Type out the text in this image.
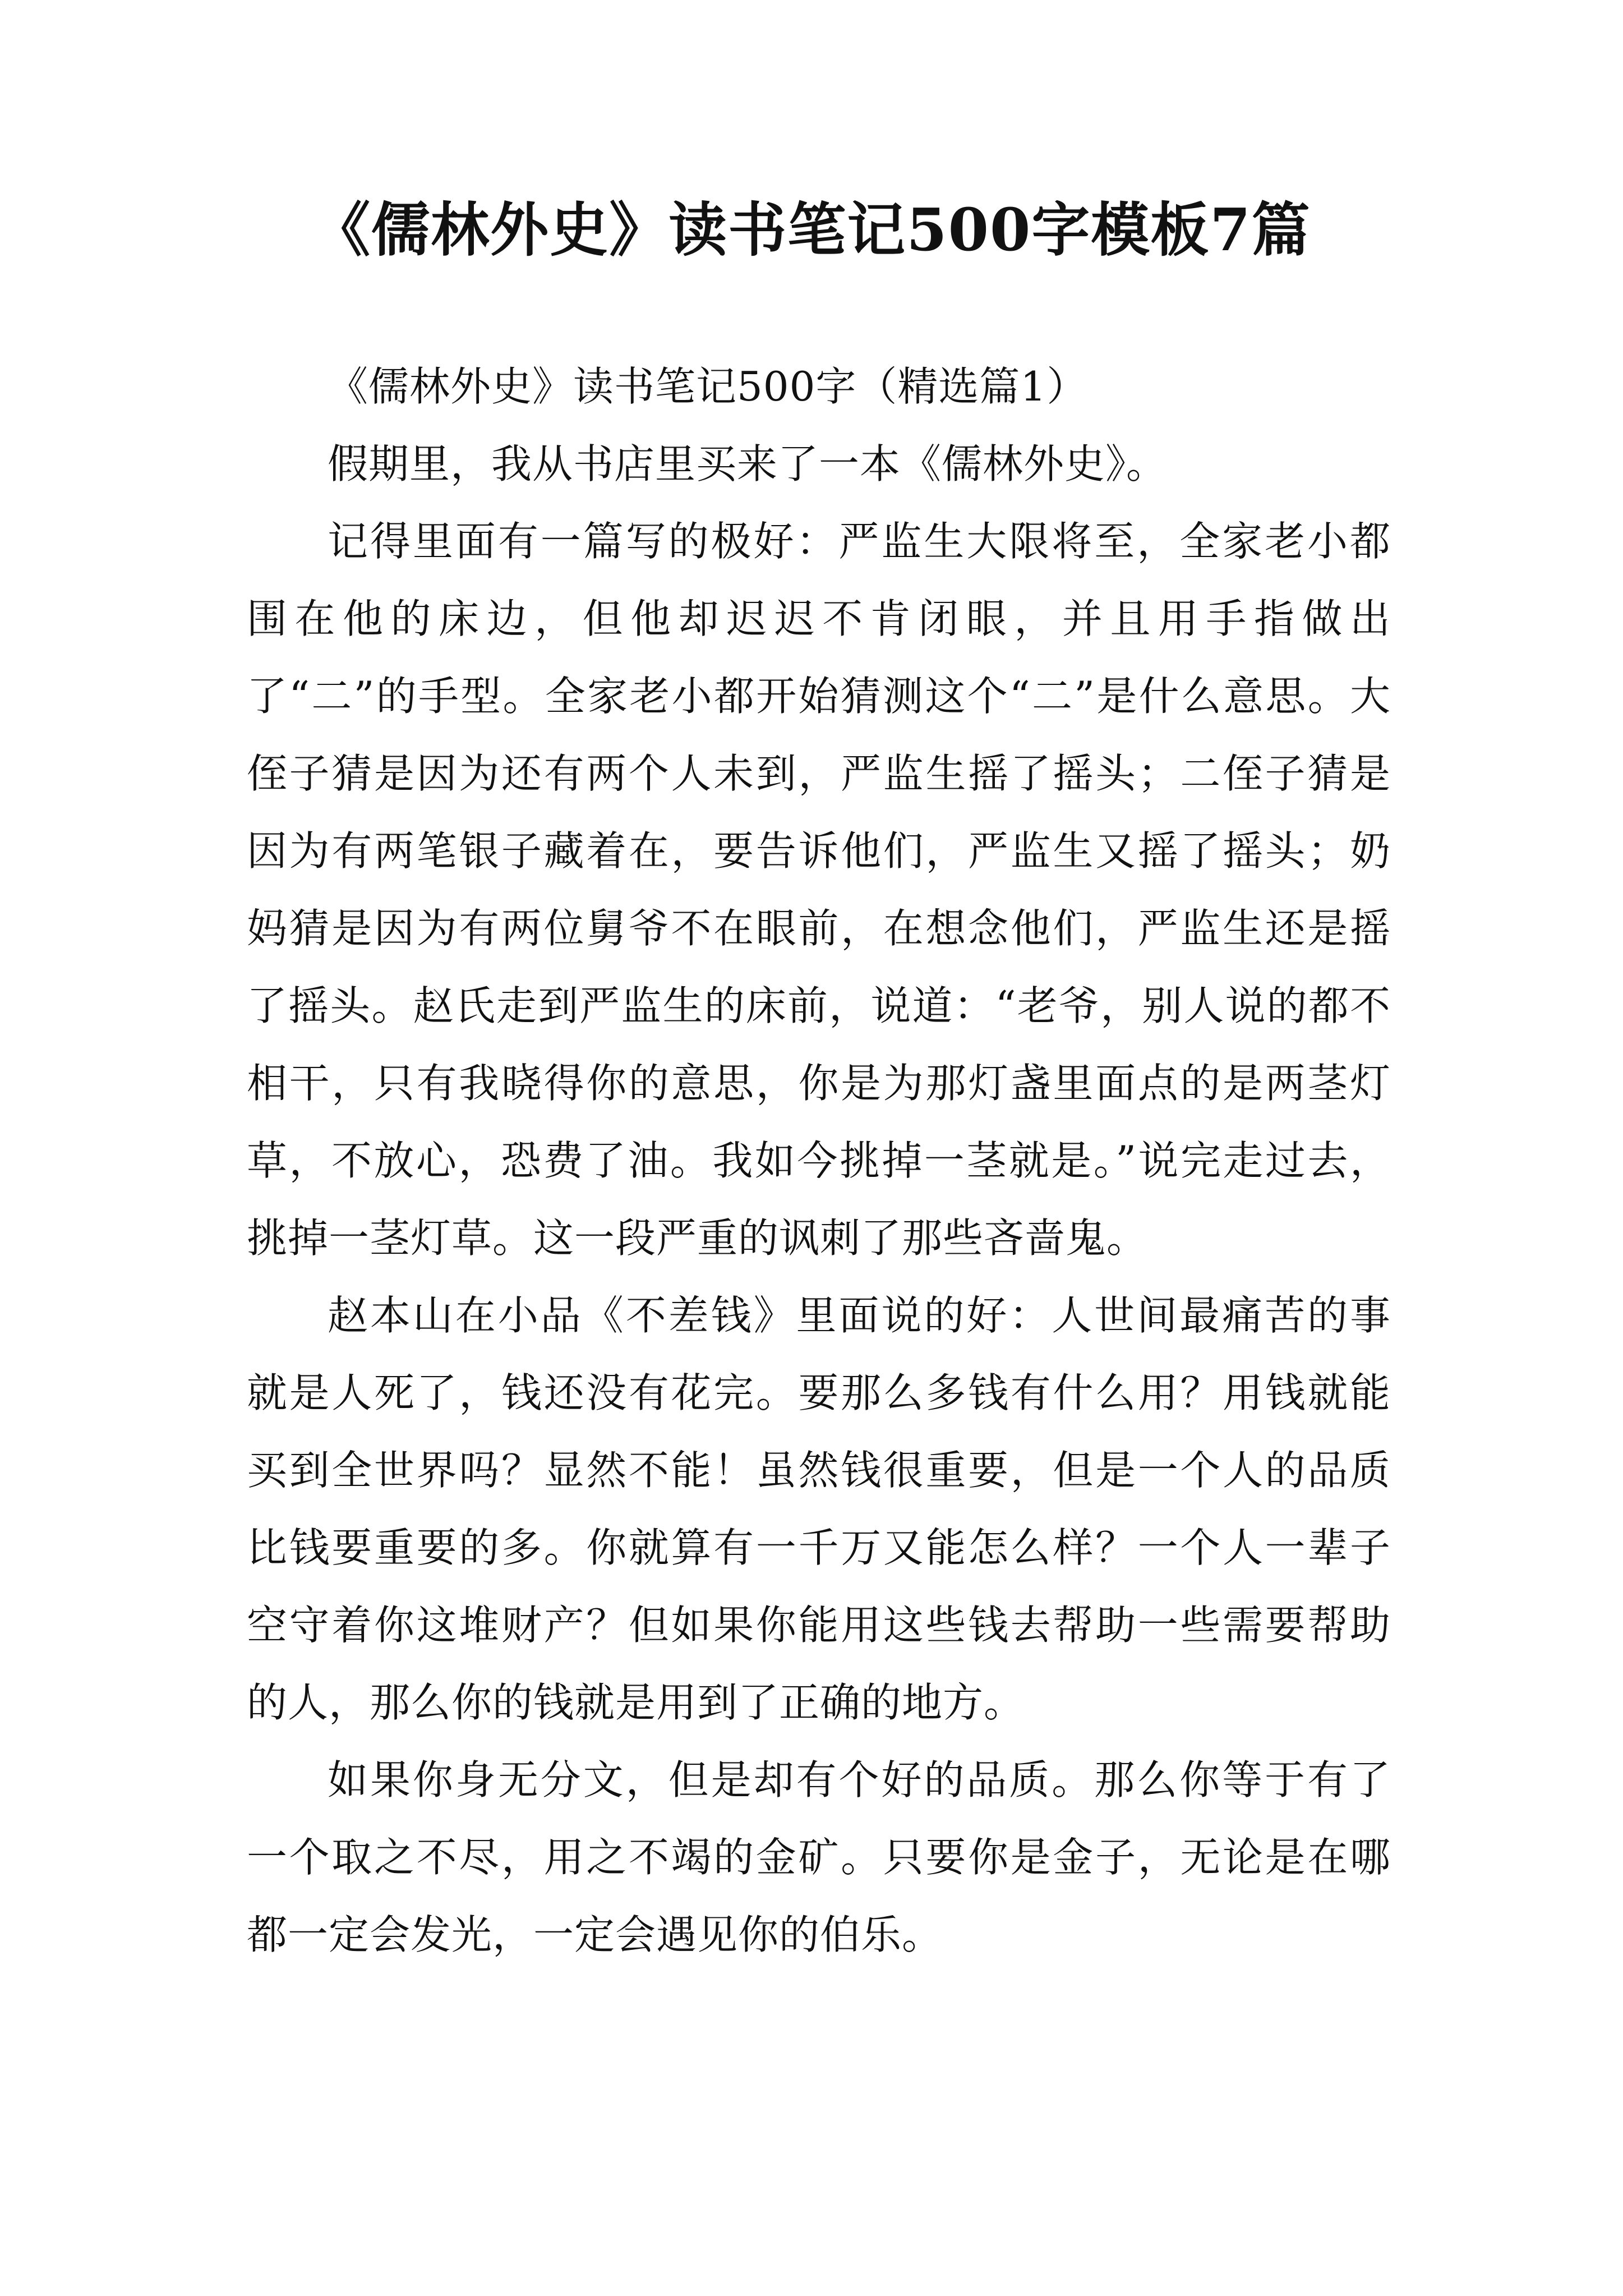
《儒林外史》读书笔记500字模板7篇

《儒林外史》读书笔记500字（精选篇1）

假期里，我从书店里买来了一本《儒林外史》。

记得里面有一篇写的极好：严监生大限将至，全家老小都围在他的床边，但他却迟迟不肯闭眼，并且用手指做出了“二”的手型。全家老小都开始猜测这个“二”是什么意思。大侄子猜是因为还有两个人未到，严监生摇了摇头；二侄子猜是因为有两笔银子藏着在，要告诉他们，严监生又摇了摇头；奶妈猜是因为有两位舅爷不在眼前，在想念他们，严监生还是摇了摇头。赵氏走到严监生的床前，说道：“老爷，别人说的都不相干，只有我晓得你的意思，你是为那灯盏里面点的是两茎灯草，不放心，恐费了油。我如今挑掉一茎就是。”说完走过去，挑掉一茎灯草。这一段严重的讽刺了那些吝啬鬼。

赵本山在小品《不差钱》里面说的好：人世间最痛苦的事就是人死了，钱还没有花完。要那么多钱有什么用？用钱就能买到全世界吗？显然不能！虽然钱很重要，但是一个人的品质比钱要重要的多。你就算有一千万又能怎么样？一个人一辈子空守着你这堆财产？但如果你能用这些钱去帮助一些需要帮助的人，那么你的钱就是用到了正确的地方。

如果你身无分文，但是却有个好的品质。那么你等于有了一个取之不尽，用之不竭的金矿。只要你是金子，无论是在哪都一定会发光，一定会遇见你的伯乐。
